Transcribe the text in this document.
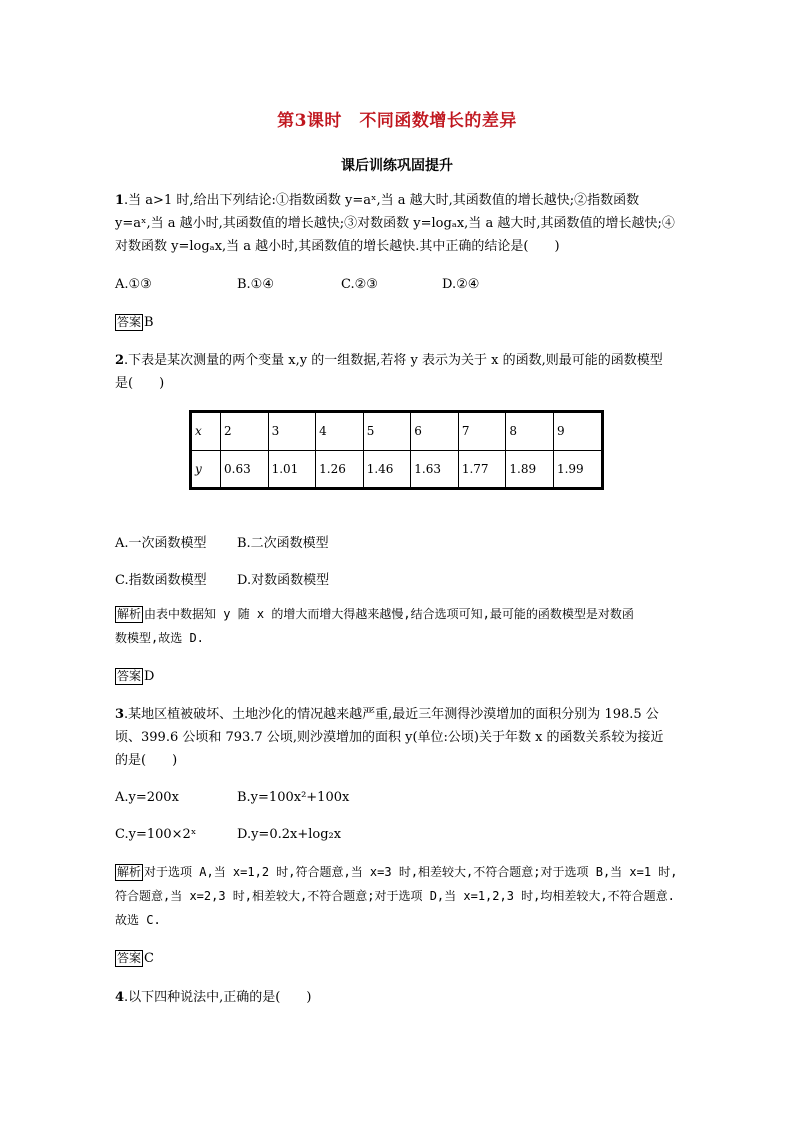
第3课时　不同函数增长的差异
课后训练巩固提升
1.当 a>1 时,给出下列结论:①指数函数 y=aˣ,当 a 越大时,其函数值的增长越快;②指数函数
y=aˣ,当 a 越小时,其函数值的增长越快;③对数函数 y=logₐx,当 a 越大时,其函数值的增长越快;④
对数函数 y=logₐx,当 a 越小时,其函数值的增长越快.其中正确的结论是(　　)
A.①③	B.①④	C.②③	D.②④
答案 B
2.下表是某次测量的两个变量 x,y 的一组数据,若将 y 表示为关于 x 的函数,则最可能的函数模型
是(　　)
x	2	3	4	5	6	7	8	9
y	0.63	1.01	1.26	1.46	1.63	1.77	1.89	1.99
A.一次函数模型 B.二次函数模型
C.指数函数模型 D.对数函数模型
解析 由表中数据知 y 随 x 的增大而增大得越来越慢,结合选项可知,最可能的函数模型是对数函
数模型,故选 D.
答案 D
3.某地区植被破坏、土地沙化的情况越来越严重,最近三年测得沙漠增加的面积分别为 198.5 公
顷、399.6 公顷和 793.7 公顷,则沙漠增加的面积 y(单位:公顷)关于年数 x 的函数关系较为接近
的是(　　)
A.y=200x	B.y=100x²+100x
C.y=100×2ˣ	D.y=0.2x+log₂x
解析 对于选项 A,当 x=1,2 时,符合题意,当 x=3 时,相差较大,不符合题意;对于选项 B,当 x=1 时,
符合题意,当 x=2,3 时,相差较大,不符合题意;对于选项 D,当 x=1,2,3 时,均相差较大,不符合题意.
故选 C.
答案 C
4.以下四种说法中,正确的是(　　)
